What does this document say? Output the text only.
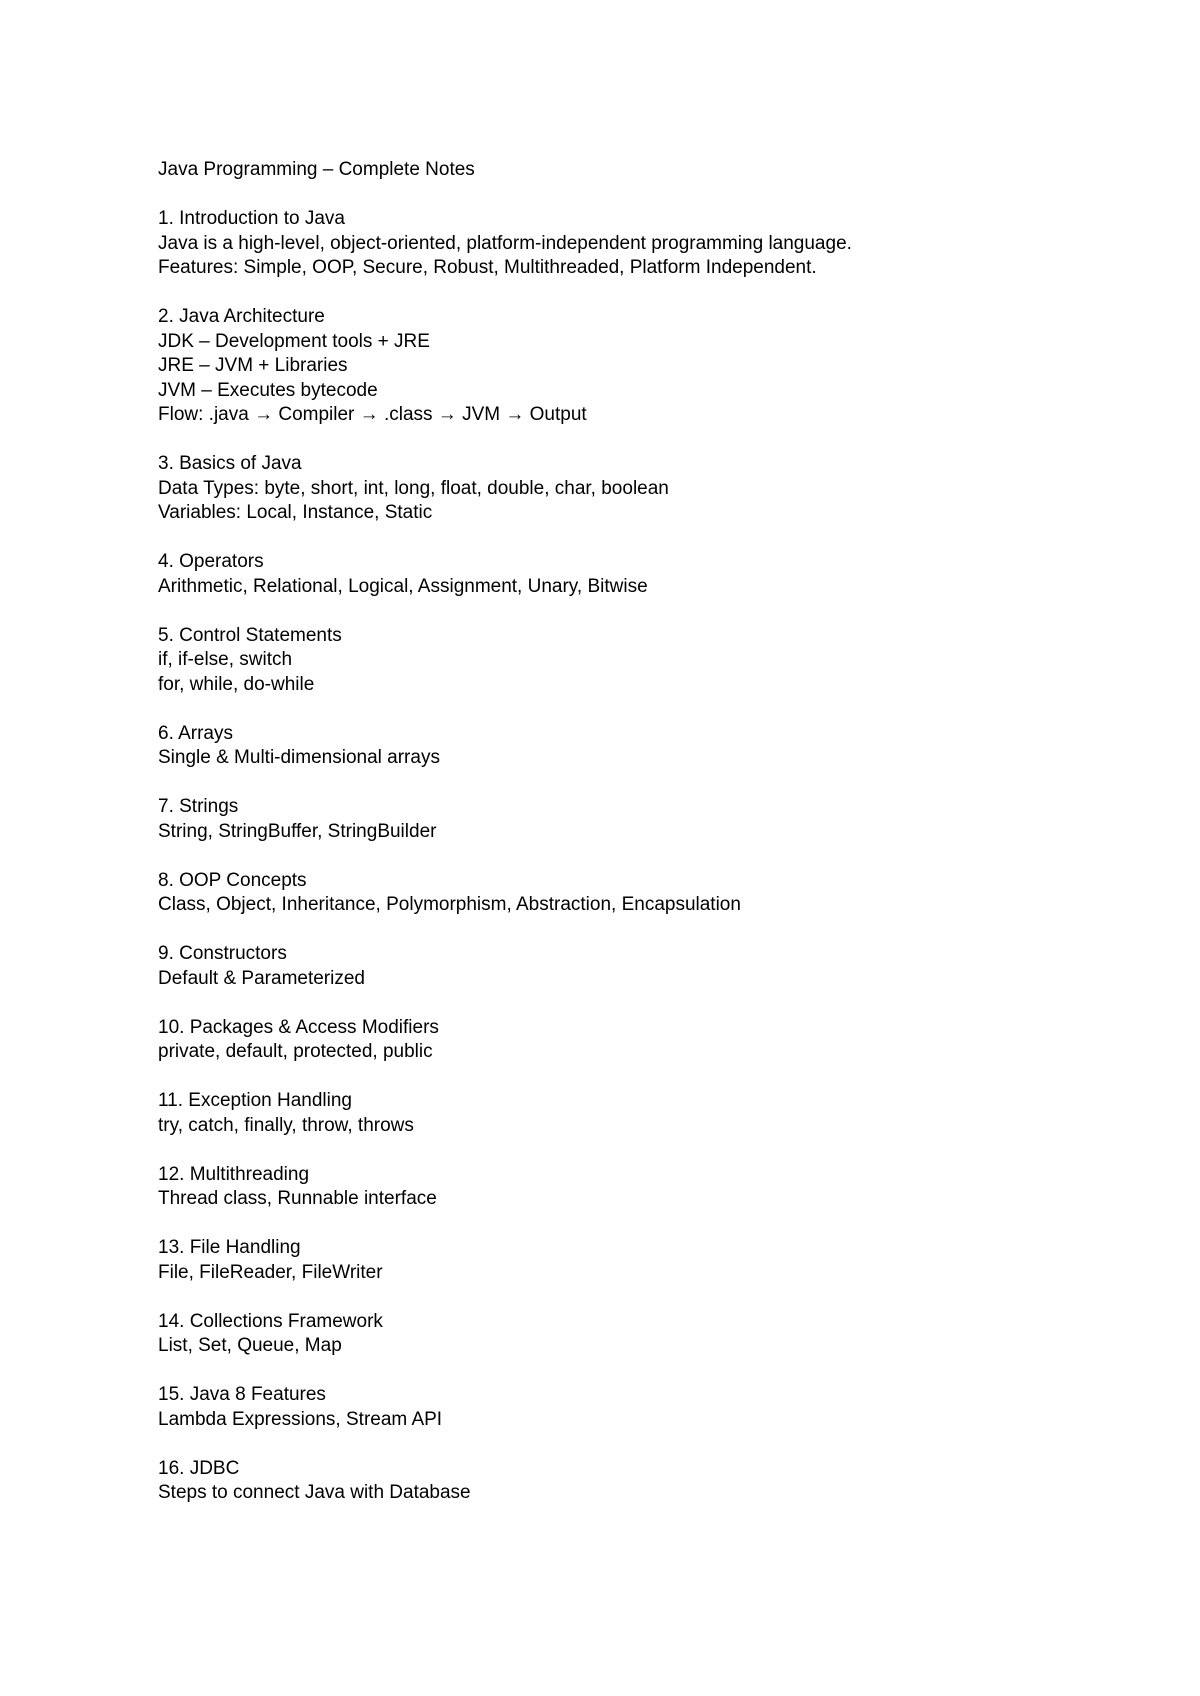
Java Programming – Complete Notes
1. Introduction to Java

Java is a high-level, object-oriented, platform-independent programming language.

Features: Simple, OOP, Secure, Robust, Multithreaded, Platform Independent.

2. Java Architecture

JDK – Development tools + JRE

JRE – JVM + Libraries

JVM – Executes bytecode

Flow: .java → Compiler → .class → JVM → Output

3. Basics of Java

Data Types: byte, short, int, long, float, double, char, boolean

Variables: Local, Instance, Static

4. Operators

Arithmetic, Relational, Logical, Assignment, Unary, Bitwise

5. Control Statements

if, if-else, switch

for, while, do-while

6. Arrays

Single & Multi-dimensional arrays

7. Strings

String, StringBuffer, StringBuilder

8. OOP Concepts

Class, Object, Inheritance, Polymorphism, Abstraction, Encapsulation

9. Constructors

Default & Parameterized

10. Packages & Access Modifiers

private, default, protected, public

11. Exception Handling

try, catch, finally, throw, throws

12. Multithreading

Thread class, Runnable interface

13. File Handling

File, FileReader, FileWriter

14. Collections Framework

List, Set, Queue, Map

15. Java 8 Features

Lambda Expressions, Stream API

16. JDBC

Steps to connect Java with Database
